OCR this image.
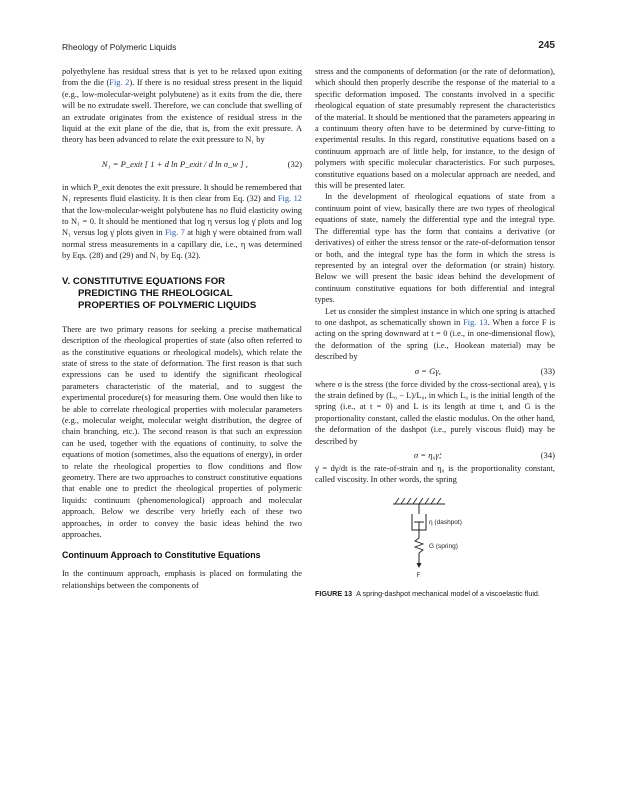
Rheology of Polymeric Liquids	245

polyethylene has residual stress that is yet to be relaxed upon exiting from the die (Fig. 2). If there is no residual stress present in the liquid (e.g., low-molecular-weight polybutene) as it exits from the die, there will be no extrudate swell. Therefore, we can conclude that swelling of an extrudate originates from the existence of residual stress in the liquid at the exit plane of the die, that is, from the exit pressure. A theory has been advanced to relate the exit pressure to N₁ by

N₁ = P_exit [ 1 + d ln P_exit / d ln σ_w ] ,	(32)

in which P_exit denotes the exit pressure. It should be remembered that N₁ represents fluid elasticity. It is then clear from Eq. (32) and Fig. 12 that the low-molecular-weight polybutene has no fluid elasticity owing to N₁ = 0. It should be mentioned that log η versus log γ̇ plots and log N₁ versus log γ̇ plots given in Fig. 7 at high γ̇ were obtained from wall normal stress measurements in a capillary die, i.e., η was determined by Eqs. (28) and (29) and N₁ by Eq. (32).

V. CONSTITUTIVE EQUATIONS FOR
PREDICTING THE RHEOLOGICAL
PROPERTIES OF POLYMERIC LIQUIDS

There are two primary reasons for seeking a precise mathematical description of the rheological properties of state (also often referred to as the constitutive equations or rheological models), which relate the state of stress to the state of deformation. The first reason is that such expressions can be used to identify the significant rheological parameters characteristic of the material, and to suggest the experimental procedure(s) for measuring them. One would then like to be able to correlate rheological properties with molecular parameters (e.g., molecular weight, molecular weight distribution, the degree of chain branching, etc.). The second reason is that such an expression can be used, together with the equations of continuity, to solve the equations of motion (sometimes, also the equations of energy), in order to relate the rheological properties to flow conditions and flow geometry. There are two approaches to construct constitutive equations that enable one to predict the rheological properties of polymeric liquids: continuum (phenomenological) approach and molecular approach. Below we describe very briefly each of these two approaches, in order to convey the basic ideas behind the two approaches.

Continuum Approach to Constitutive Equations

In the continuum approach, emphasis is placed on formulating the relationships between the components of

stress and the components of deformation (or the rate of deformation), which should then properly describe the response of the material to a specific deformation imposed. The constants involved in a specific rheological equation of state presumably represent the characteristics of the material. It should be mentioned that the parameters appearing in a continuum theory often have to be determined by curve-fitting to experimental results. In this regard, constitutive equations based on a continuum approach are of little help, for instance, to the design of polymers with specific molecular characteristics. For such purposes, constitutive equations based on a molecular approach are needed, and this will be presented later.

In the development of rheological equations of state from a continuum point of view, basically there are two types of rheological equations of state, namely the differential type and the integral type. The differential type has the form that contains a derivative (or derivatives) of either the stress tensor or the rate-of-deformation tensor or both, and the integral type has the form in which the stress is represented by an integral over the deformation (or strain) history. Below we will present the basic ideas behind the development of continuum constitutive equations for both differential and integral types.

Let us consider the simplest instance in which one spring is attached to one dashpot, as schematically shown in Fig. 13. When a force F is acting on the spring downward at t = 0 (i.e., in one-dimensional flow), the deformation of the spring (i.e., Hookean material) may be described by

σ = Gγ,	(33)

where σ is the stress (the force divided by the cross-sectional area), γ is the strain defined by (L₀ − L)/L₀, in which L₀ is the initial length of the spring (i.e., at t = 0) and L is its length at time t, and G is the proportionality constant, called the elastic modulus. On the other hand, the deformation of the dashpot (i.e., purely viscous fluid) may be described by

σ = η₀γ̇;	(34)

γ̇ = dγ/dt is the rate-of-strain and η₀ is the proportionality constant, called viscosity. In other words, the spring

η (dashpot)
G (spring)
F
FIGURE 13 A spring-dashpot mechanical model of a viscoelastic fluid.
